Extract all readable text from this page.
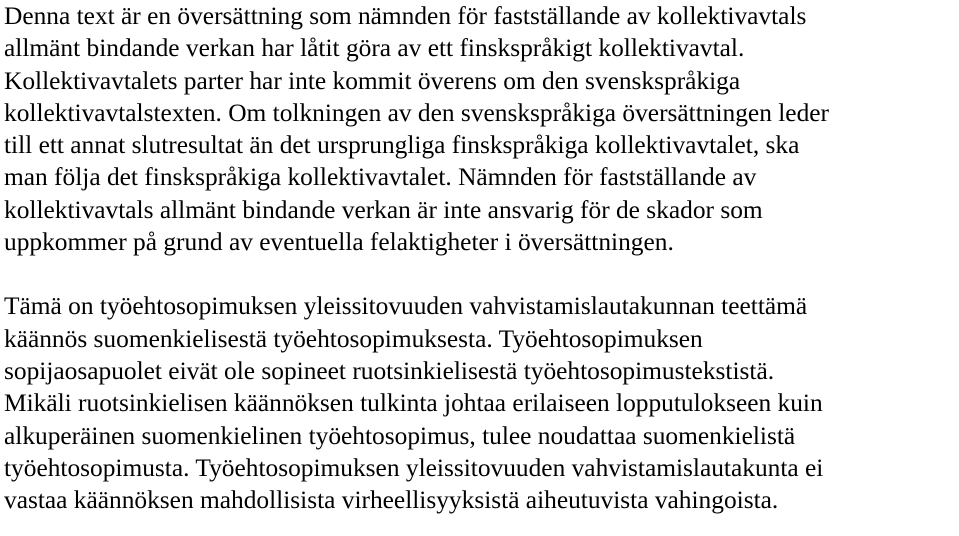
Denna text är en översättning som nämnden för fastställande av kollektivavtals
allmänt bindande verkan har låtit göra av ett finskspråkigt kollektivavtal.
Kollektivavtalets parter har inte kommit överens om den svenskspråkiga
kollektivavtalstexten. Om tolkningen av den svenskspråkiga översättningen leder
till ett annat slutresultat än det ursprungliga finskspråkiga kollektivavtalet, ska
man följa det finskspråkiga kollektivavtalet. Nämnden för fastställande av
kollektivavtals allmänt bindande verkan är inte ansvarig för de skador som
uppkommer på grund av eventuella felaktigheter i översättningen.

Tämä on työehtosopimuksen yleissitovuuden vahvistamislautakunnan teettämä
käännös suomenkielisestä työehtosopimuksesta. Työehtosopimuksen
sopijaosapuolet eivät ole sopineet ruotsinkielisestä työehtosopimustekstistä.
Mikäli ruotsinkielisen käännöksen tulkinta johtaa erilaiseen lopputulokseen kuin
alkuperäinen suomenkielinen työehtosopimus, tulee noudattaa suomenkielistä
työehtosopimusta. Työehtosopimuksen yleissitovuuden vahvistamislautakunta ei
vastaa käännöksen mahdollisista virheellisyyksistä aiheutuvista vahingoista.
